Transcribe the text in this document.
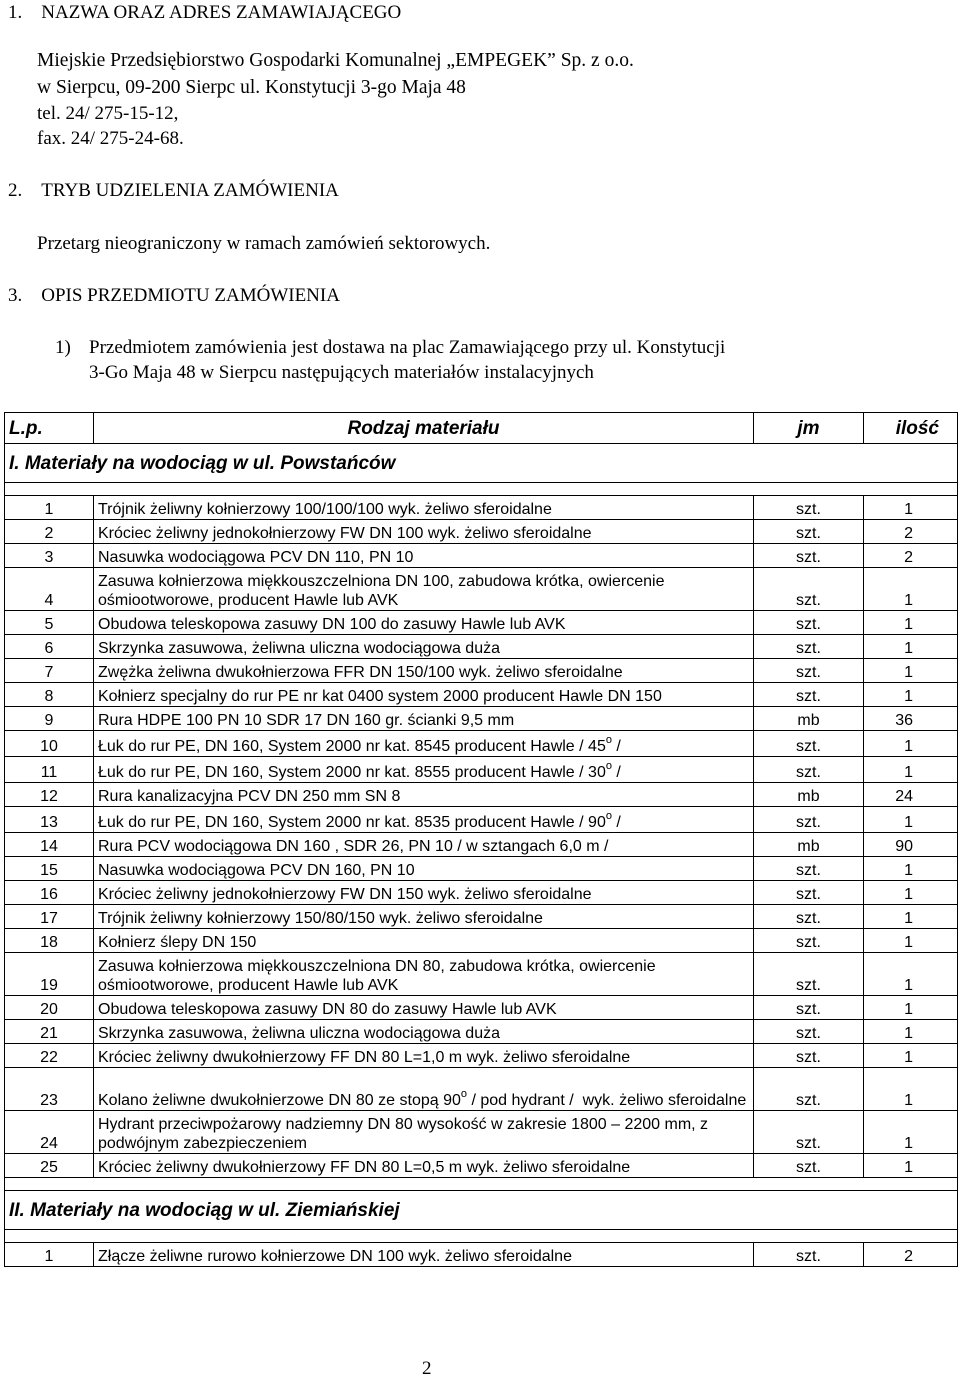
1. NAZWA ORAZ ADRES ZAMAWIAJĄCEGO
Miejskie Przedsiębiorstwo Gospodarki Komunalnej „EMPEGEK” Sp. z o.o.
w Sierpcu, 09-200 Sierpc ul. Konstytucji 3-go Maja 48
tel. 24/ 275-15-12,
fax. 24/ 275-24-68.
2. TRYB UDZIELENIA ZAMÓWIENIA
Przetarg nieograniczony w ramach zamówień sektorowych.
3. OPIS PRZEDMIOTU ZAMÓWIENIA
1) Przedmiotem zamówienia jest dostawa na plac Zamawiającego przy ul. Konstytucji
3-Go Maja 48 w Sierpcu następujących materiałów instalacyjnych
L.p.	Rodzaj materiału	jm	ilość
I. Materiały na wodociąg w ul. Powstańców			

1	Trójnik żeliwny kołnierzowy 100/100/100 wyk. żeliwo sferoidalne	szt.	1
2	Króciec żeliwny jednokołnierzowy FW DN 100 wyk. żeliwo sferoidalne	szt.	2
3	Nasuwka wodociągowa PCV DN 110, PN 10	szt.	2
4	Zasuwa kołnierzowa miękkouszczelniona DN 100, zabudowa krótka, owiercenie ośmiootworowe, producent Hawle lub AVK	szt.	1
5	Obudowa teleskopowa zasuwy DN 100 do zasuwy Hawle lub AVK	szt.	1
6	Skrzynka zasuwowa, żeliwna uliczna wodociągowa duża	szt.	1
7	Zwężka żeliwna dwukołnierzowa FFR DN 150/100 wyk. żeliwo sferoidalne	szt.	1
8	Kołnierz specjalny do rur PE nr kat 0400 system 2000 producent Hawle DN 150	szt.	1
9	Rura HDPE 100 PN 10 SDR 17 DN 160 gr. ścianki 9,5 mm	mb	36
10	Łuk do rur PE, DN 160, System 2000 nr kat. 8545 producent Hawle / 45$^o$ /	szt.	1
11	Łuk do rur PE, DN 160, System 2000 nr kat. 8555 producent Hawle / 30$^o$ /	szt.	1
12	Rura kanalizacyjna PCV DN 250 mm SN 8	mb	24
13	Łuk do rur PE, DN 160, System 2000 nr kat. 8535 producent Hawle / 90$^o$ /	szt.	1
14	Rura PCV wodociągowa DN 160 , SDR 26, PN 10 / w sztangach 6,0 m /	mb	90
15	Nasuwka wodociągowa PCV DN 160, PN 10	szt.	1
16	Króciec żeliwny jednokołnierzowy FW DN 150 wyk. żeliwo sferoidalne	szt.	1
17	Trójnik żeliwny kołnierzowy 150/80/150 wyk. żeliwo sferoidalne	szt.	1
18	Kołnierz ślepy DN 150	szt.	1
19	Zasuwa kołnierzowa miękkouszczelniona DN 80, zabudowa krótka, owiercenie ośmiootworowe, producent Hawle lub AVK	szt.	1
20	Obudowa teleskopowa zasuwy DN 80 do zasuwy Hawle lub AVK	szt.	1
21	Skrzynka zasuwowa, żeliwna uliczna wodociągowa duża	szt.	1
22	Króciec żeliwny dwukołnierzowy FF DN 80 L=1,0 m wyk. żeliwo sferoidalne	szt.	1
23	Kolano żeliwne dwukołnierzowe DN 80 ze stopą 90$^o$ / pod hydrant /  wyk. żeliwo sferoidalne	szt.	1
24	Hydrant przeciwpożarowy nadziemny DN 80 wysokość w zakresie 1800 – 2200 mm, z podwójnym zabezpieczeniem	szt.	1
25	Króciec żeliwny dwukołnierzowy FF DN 80 L=0,5 m wyk. żeliwo sferoidalne	szt.	1

II. Materiały na wodociąg w ul. Ziemiańskiej			

1	Złącze żeliwne rurowo kołnierzowe DN 100 wyk. żeliwo sferoidalne	szt.	2
2
